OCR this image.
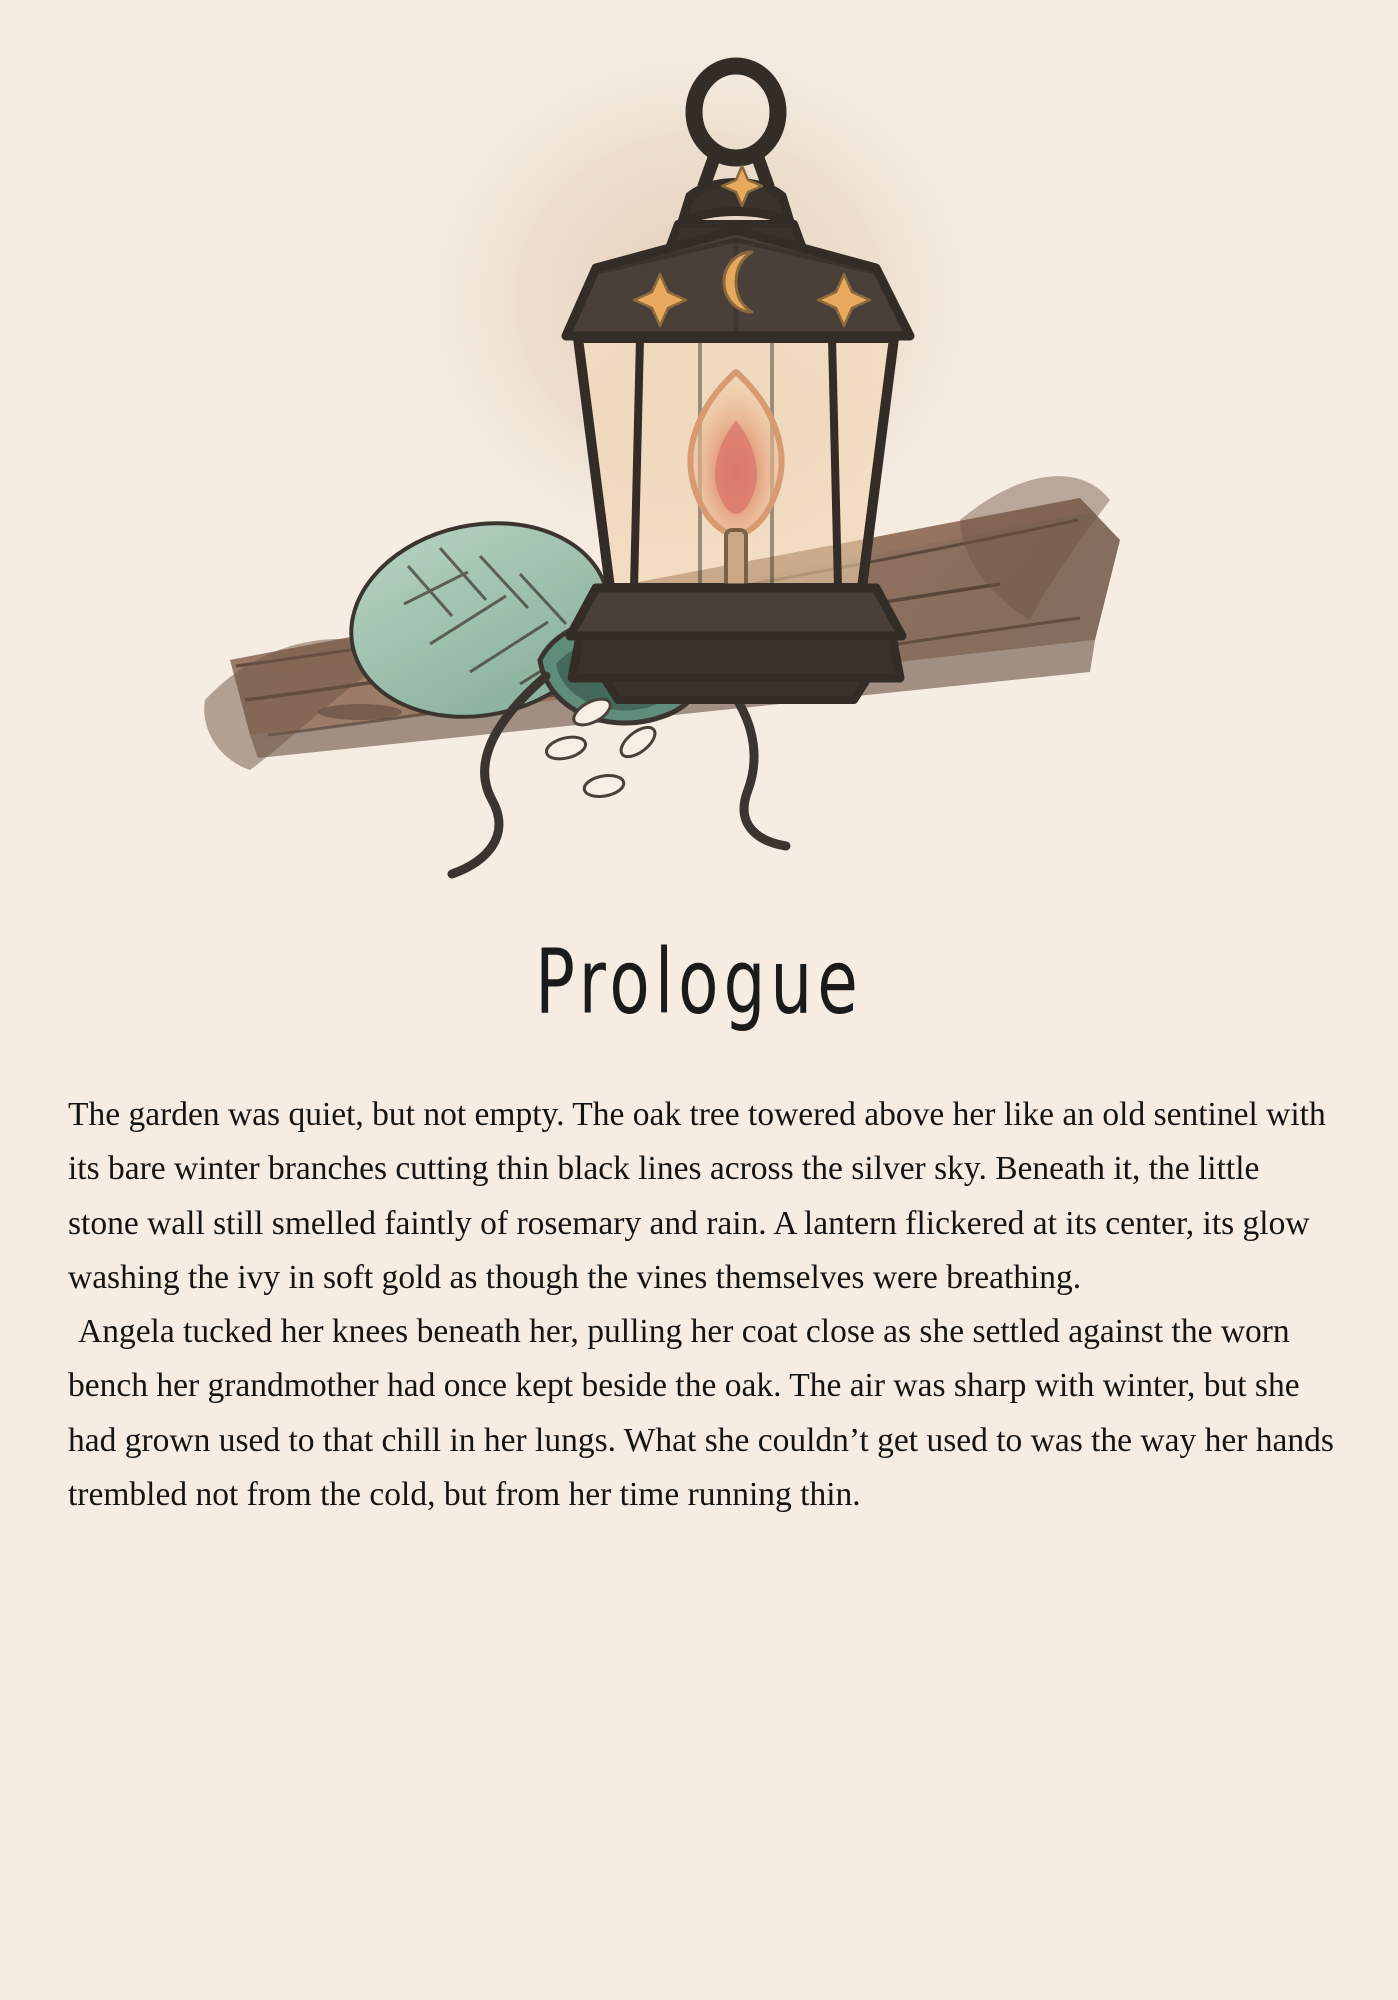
Prologue

The garden was quiet, but not empty. The oak tree towered above her like an old sentinel with its bare winter branches cutting thin black lines across the silver sky. Beneath it, the little stone wall still smelled faintly of rosemary and rain. A lantern flickered at its center, its glow washing the ivy in soft gold as though the vines themselves were breathing.

Angela tucked her knees beneath her, pulling her coat close as she settled against the worn bench her grandmother had once kept beside the oak. The air was sharp with winter, but she had grown used to that chill in her lungs. What she couldn’t get used to was the way her hands trembled not from the cold, but from her time running thin.
